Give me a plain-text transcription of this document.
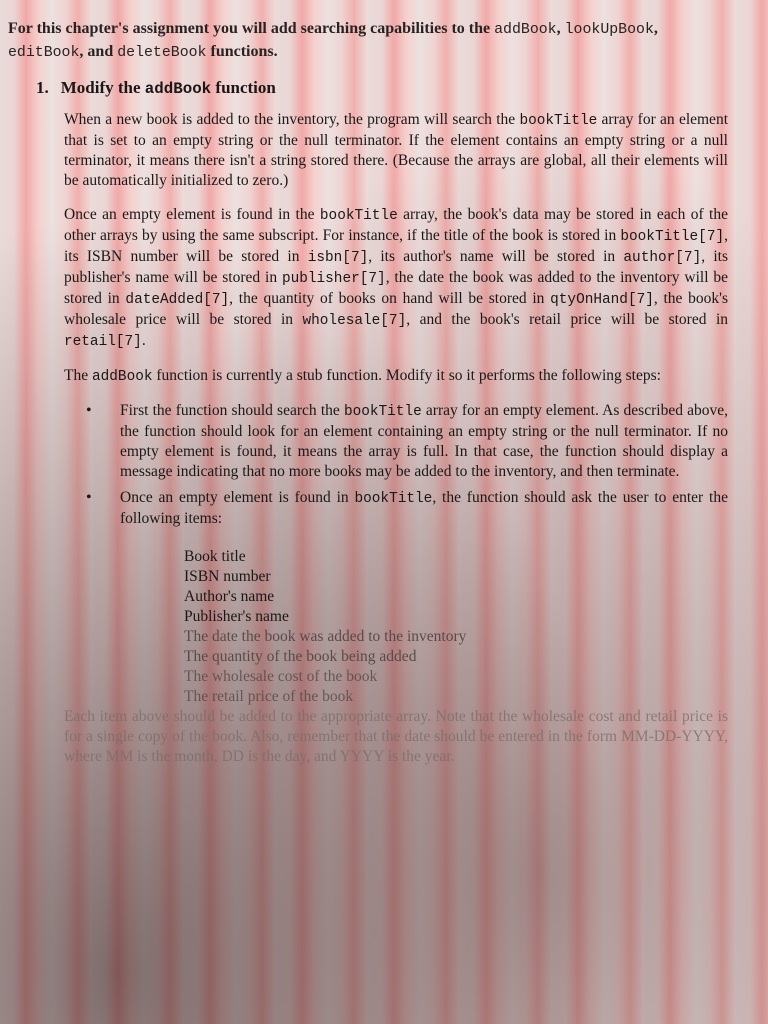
For this chapter's assignment you will add searching capabilities to the addBook, lookUpBook, editBook, and deleteBook functions.

1. Modify the addBook function

When a new book is added to the inventory, the program will search the bookTitle array for an element that is set to an empty string or the null terminator. If the element contains an empty string or a null terminator, it means there isn't a string stored there. (Because the arrays are global, all their elements will be automatically initialized to zero.)

Once an empty element is found in the bookTitle array, the book's data may be stored in each of the other arrays by using the same subscript. For instance, if the title of the book is stored in bookTitle[7], its ISBN number will be stored in isbn[7], its author's name will be stored in author[7], its publisher's name will be stored in publisher[7], the date the book was added to the inventory will be stored in dateAdded[7], the quantity of books on hand will be stored in qtyOnHand[7], the book's wholesale price will be stored in wholesale[7], and the book's retail price will be stored in retail[7].

The addBook function is currently a stub function. Modify it so it performs the following steps:

• First the function should search the bookTitle array for an empty element. As described above, the function should look for an element containing an empty string or the null terminator. If no empty element is found, it means the array is full. In that case, the function should display a message indicating that no more books may be added to the inventory, and then terminate.
• Once an empty element is found in bookTitle, the function should ask the user to enter the following items:
Book title
ISBN number
Author's name
Publisher's name
The date the book was added to the inventory
The quantity of the book being added
The wholesale cost of the book
The retail price of the book

Each item above should be added to the appropriate array. Note that the wholesale cost and retail price is for a single copy of the book. Also, remember that the date should be entered in the form MM-DD-YYYY, where MM is the month, DD is the day, and YYYY is the year.
